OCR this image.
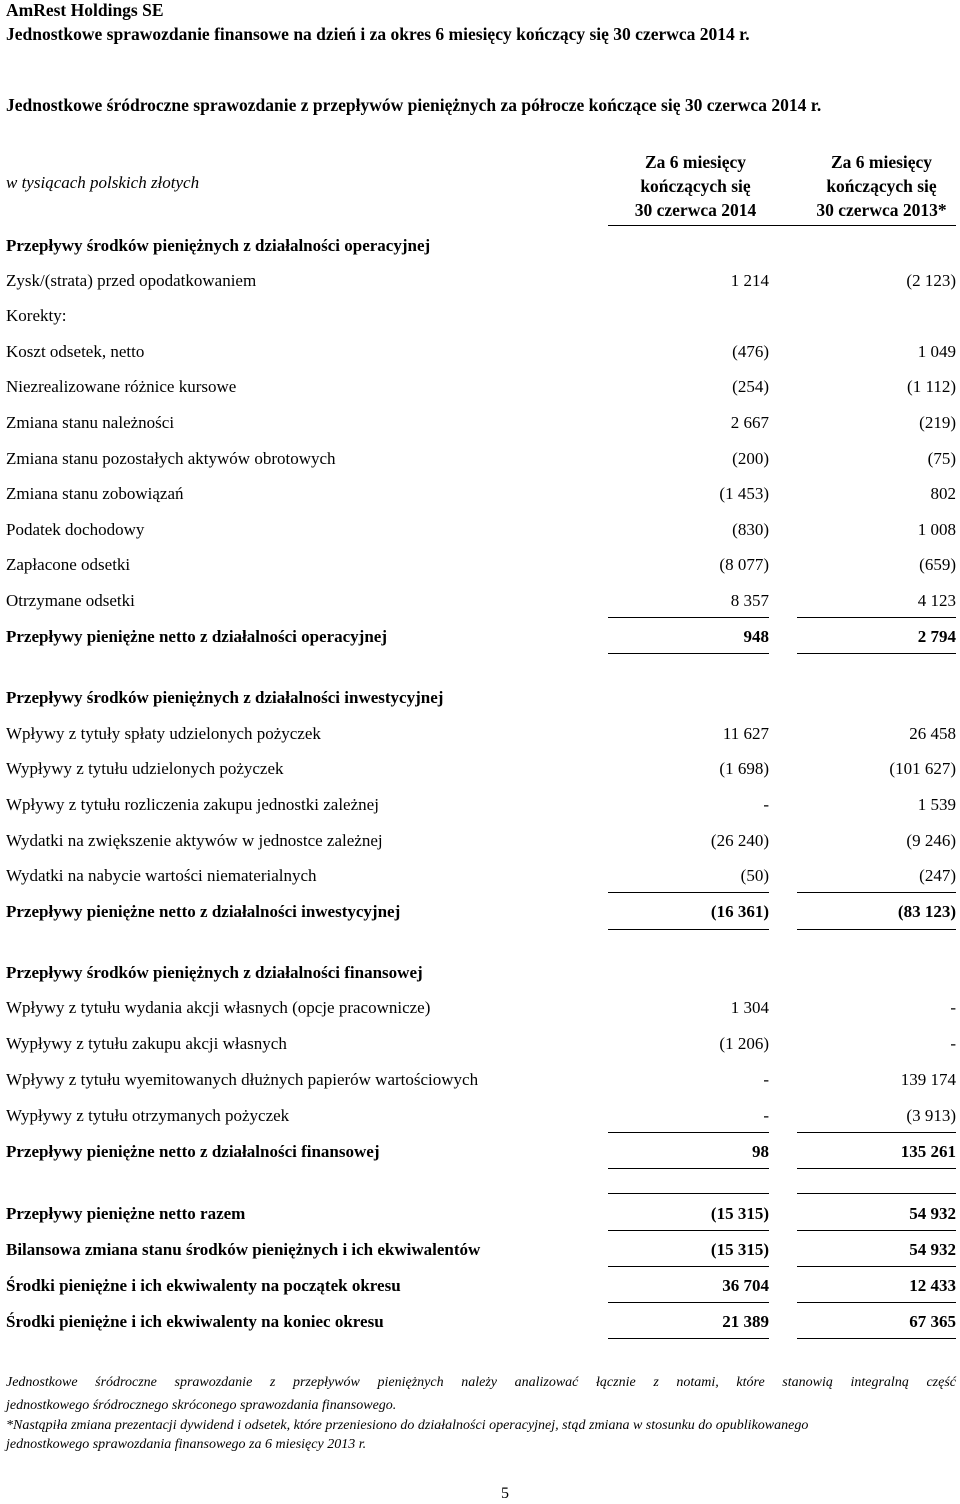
AmRest Holdings SE
Jednostkowe sprawozdanie finansowe na dzień i za okres 6 miesięcy kończący się 30 czerwca 2014 r.
Jednostkowe śródroczne sprawozdanie z przepływów pieniężnych za półrocze kończące się 30 czerwca 2014 r.
w tysiącach polskich złotych
Za 6 miesięcy
kończących się
30 czerwca 2014
Za 6 miesięcy
kończących się
30 czerwca 2013*
Przepływy środków pieniężnych z działalności operacyjnej
Zysk/(strata) przed opodatkowaniem	1 214	(2 123)
Korekty:
Koszt odsetek, netto	(476)	1 049
Niezrealizowane różnice kursowe	(254)	(1 112)
Zmiana stanu należności	2 667	(219)
Zmiana stanu pozostałych aktywów obrotowych	(200)	(75)
Zmiana stanu zobowiązań	(1 453)	802
Podatek dochodowy	(830)	1 008
Zapłacone odsetki	(8 077)	(659)
Otrzymane odsetki	8 357	4 123
Przepływy pieniężne netto z działalności operacyjnej	948	2 794
Przepływy środków pieniężnych z działalności inwestycyjnej
Wpływy z tytuły spłaty udzielonych pożyczek	11 627	26 458
Wypływy z tytułu udzielonych pożyczek	(1 698)	(101 627)
Wpływy z tytułu rozliczenia zakupu jednostki zależnej	-	1 539
Wydatki na zwiększenie aktywów w jednostce zależnej	(26 240)	(9 246)
Wydatki na nabycie wartości niematerialnych	(50)	(247)
Przepływy pieniężne netto z działalności inwestycyjnej	(16 361)	(83 123)
Przepływy środków pieniężnych z działalności finansowej
Wpływy z tytułu wydania akcji własnych (opcje pracownicze)	1 304	-
Wypływy z tytułu zakupu akcji własnych	(1 206)	-
Wpływy z tytułu wyemitowanych dłużnych papierów wartościowych	-	139 174
Wypływy z tytułu otrzymanych pożyczek	-	(3 913)
Przepływy pieniężne netto z działalności finansowej	98	135 261
Przepływy pieniężne netto razem	(15 315)	54 932
Bilansowa zmiana stanu środków pieniężnych i ich ekwiwalentów	(15 315)	54 932
Środki pieniężne i ich ekwiwalenty na początek okresu	36 704	12 433
Środki pieniężne i ich ekwiwalenty na koniec okresu	21 389	67 365
Jednostkowe śródroczne sprawozdanie z przepływów pieniężnych należy analizować łącznie z notami, które stanowią integralną część
jednostkowego śródrocznego skróconego sprawozdania finansowego.
*Nastąpiła zmiana prezentacji dywidend i odsetek, które przeniesiono do działalności operacyjnej, stąd zmiana w stosunku do opublikowanego
jednostkowego sprawozdania finansowego za 6 miesięcy 2013 r.
5
